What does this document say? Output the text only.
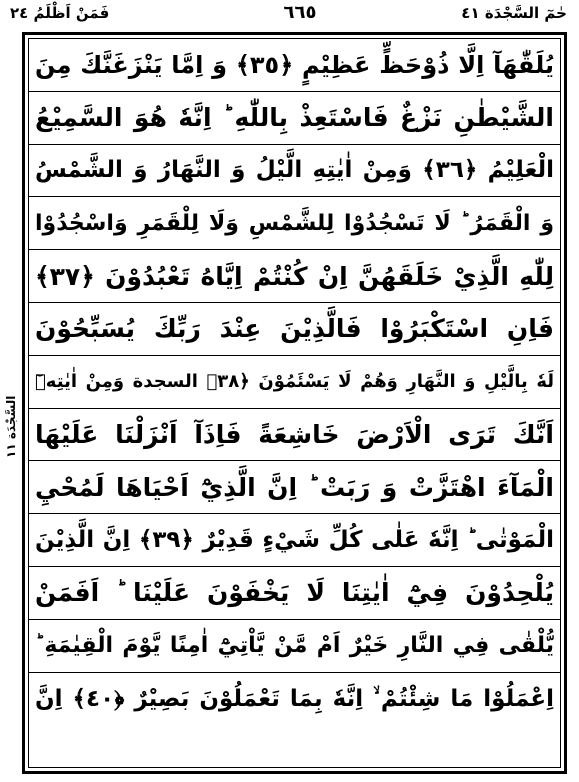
حٰمٓ السَّجْدَة ٤١
٦٦٥
فَمَنْ اَظْلَمُ ٢٤
السَّجْدَة ١١
يُلَقّٰهَآ اِلَّا ذُوْحَظٍّ عَظِيْمٍ ﴿٣٥﴾ وَ اِمَّا يَنْزَغَنَّكَ مِنَ
الشَّيْطٰنِ نَزْغٌ فَاسْتَعِذْ بِاللّٰهِ ؕ اِنَّهٗ هُوَ السَّمِيْعُ
الْعَلِيْمُ ﴿٣٦﴾ وَمِنْ اٰيٰتِهِ الَّيْلُ وَ النَّهَارُ وَ الشَّمْسُ
وَ الْقَمَرُ ؕ لَا تَسْجُدُوْا لِلشَّمْسِ وَلَا لِلْقَمَرِ وَاسْجُدُوْا
لِلّٰهِ الَّذِيْ خَلَقَهُنَّ اِنْ كُنْتُمْ اِيَّاهُ تَعْبُدُوْنَ ﴿٣٧﴾
فَاِنِ اسْتَكْبَرُوْا فَالَّذِيْنَ عِنْدَ رَبِّكَ يُسَبِّحُوْنَ
لَهٗ بِالَّيْلِ وَ النَّهَارِ وَهُمْ لَا يَسْئَمُوْنَ ﴿٣٨﴾ السجدة وَمِنْ اٰيٰتِهٖٓ
اَنَّكَ تَرَى الْاَرْضَ خَاشِعَةً فَاِذَآ اَنْزَلْنَا عَلَيْهَا
الْمَآءَ اهْتَزَّتْ وَ رَبَتْ ؕ اِنَّ الَّذِيْٓ اَحْيَاهَا لَمُحْيِ
الْمَوْتٰى ؕ اِنَّهٗ عَلٰى كُلِّ شَيْءٍ قَدِيْرٌ ﴿٣٩﴾ اِنَّ الَّذِيْنَ
يُلْحِدُوْنَ فِيْٓ اٰيٰتِنَا لَا يَخْفَوْنَ عَلَيْنَا ؕ اَفَمَنْ
يُّلْقٰى فِي النَّارِ خَيْرٌ اَمْ مَّنْ يَّاْتِيْٓ اٰمِنًا يَّوْمَ الْقِيٰمَةِ ؕ
اِعْمَلُوْا مَا شِئْتُمْ ۙ اِنَّهٗ بِمَا تَعْمَلُوْنَ بَصِيْرٌ ﴿٤٠﴾ اِنَّ
